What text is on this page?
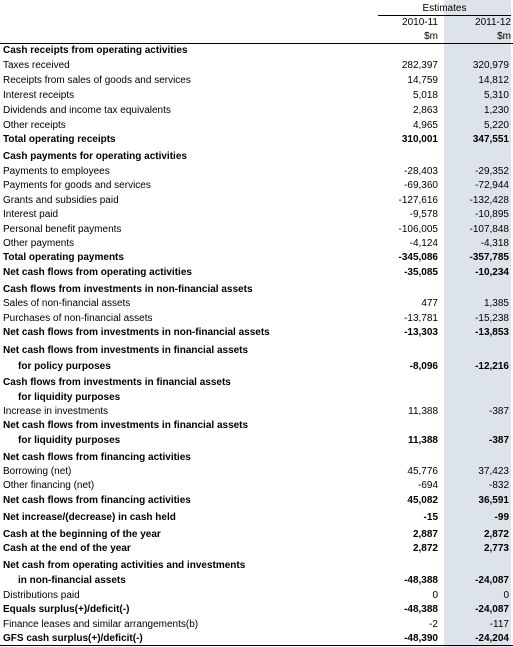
Estimates
2010-11	2011-12
$m	$m
Cash receipts from operating activities
Taxes received	282,397	320,979
Receipts from sales of goods and services	14,759	14,812
Interest receipts	5,018	5,310
Dividends and income tax equivalents	2,863	1,230
Other receipts	4,965	5,220
Total operating receipts	310,001	347,551
Cash payments for operating activities
Payments to employees	-28,403	-29,352
Payments for goods and services	-69,360	-72,944
Grants and subsidies paid	-127,616	-132,428
Interest paid	-9,578	-10,895
Personal benefit payments	-106,005	-107,848
Other payments	-4,124	-4,318
Total operating payments	-345,086	-357,785
Net cash flows from operating activities	-35,085	-10,234
Cash flows from investments in non-financial assets
Sales of non-financial assets	477	1,385
Purchases of non-financial assets	-13,781	-15,238
Net cash flows from investments in non-financial assets	-13,303	-13,853
Net cash flows from investments in financial assets
for policy purposes	-8,096	-12,216
Cash flows from investments in financial assets
for liquidity purposes
Increase in investments	11,388	-387
Net cash flows from investments in financial assets
for liquidity purposes	11,388	-387
Net cash flows from financing activities
Borrowing (net)	45,776	37,423
Other financing (net)	-694	-832
Net cash flows from financing activities	45,082	36,591
Net increase/(decrease) in cash held	-15	-99
Cash at the beginning of the year	2,887	2,872
Cash at the end of the year	2,872	2,773
Net cash from operating activities and investments
in non-financial assets	-48,388	-24,087
Distributions paid	0	0
Equals surplus(+)/deficit(-)	-48,388	-24,087
Finance leases and similar arrangements(b)	-2	-117
GFS cash surplus(+)/deficit(-)	-48,390	-24,204
